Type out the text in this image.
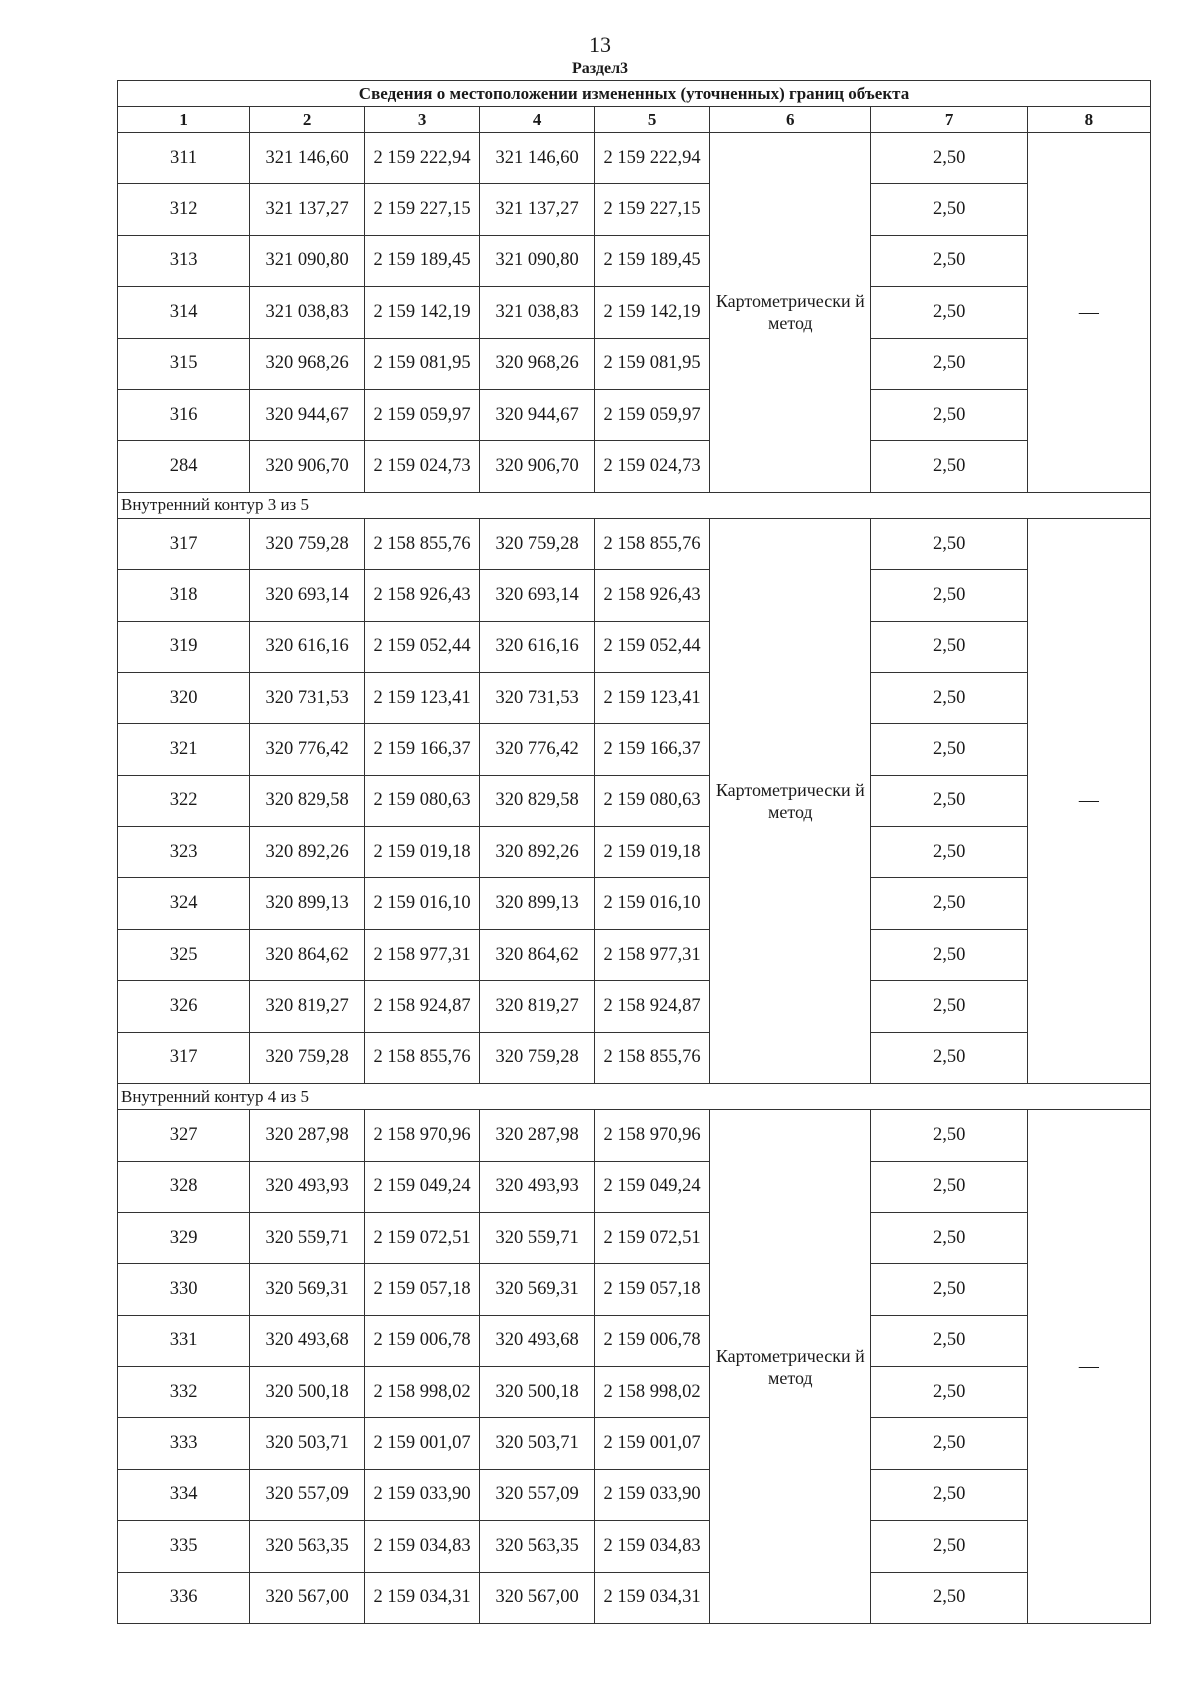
13
Раздел3
Сведения о местоположении измененных (уточненных) границ объекта							
1	2	3	4	5	6	7	8
311	321 146,60	2 159 222,94	321 146,60	2 159 222,94	Картометрически й метод	2,50	—
312	321 137,27	2 159 227,15	321 137,27	2 159 227,15		2,50	
313	321 090,80	2 159 189,45	321 090,80	2 159 189,45		2,50	
314	321 038,83	2 159 142,19	321 038,83	2 159 142,19		2,50	
315	320 968,26	2 159 081,95	320 968,26	2 159 081,95		2,50	
316	320 944,67	2 159 059,97	320 944,67	2 159 059,97		2,50	
284	320 906,70	2 159 024,73	320 906,70	2 159 024,73		2,50	
Внутренний контур 3 из 5							
317	320 759,28	2 158 855,76	320 759,28	2 158 855,76	Картометрически й метод	2,50	—
318	320 693,14	2 158 926,43	320 693,14	2 158 926,43		2,50	
319	320 616,16	2 159 052,44	320 616,16	2 159 052,44		2,50	
320	320 731,53	2 159 123,41	320 731,53	2 159 123,41		2,50	
321	320 776,42	2 159 166,37	320 776,42	2 159 166,37		2,50	
322	320 829,58	2 159 080,63	320 829,58	2 159 080,63		2,50	
323	320 892,26	2 159 019,18	320 892,26	2 159 019,18		2,50	
324	320 899,13	2 159 016,10	320 899,13	2 159 016,10		2,50	
325	320 864,62	2 158 977,31	320 864,62	2 158 977,31		2,50	
326	320 819,27	2 158 924,87	320 819,27	2 158 924,87		2,50	
317	320 759,28	2 158 855,76	320 759,28	2 158 855,76		2,50	
Внутренний контур 4 из 5							
327	320 287,98	2 158 970,96	320 287,98	2 158 970,96	Картометрически й метод	2,50	—
328	320 493,93	2 159 049,24	320 493,93	2 159 049,24		2,50	
329	320 559,71	2 159 072,51	320 559,71	2 159 072,51		2,50	
330	320 569,31	2 159 057,18	320 569,31	2 159 057,18		2,50	
331	320 493,68	2 159 006,78	320 493,68	2 159 006,78		2,50	
332	320 500,18	2 158 998,02	320 500,18	2 158 998,02		2,50	
333	320 503,71	2 159 001,07	320 503,71	2 159 001,07		2,50	
334	320 557,09	2 159 033,90	320 557,09	2 159 033,90		2,50	
335	320 563,35	2 159 034,83	320 563,35	2 159 034,83		2,50	
336	320 567,00	2 159 034,31	320 567,00	2 159 034,31		2,50	
